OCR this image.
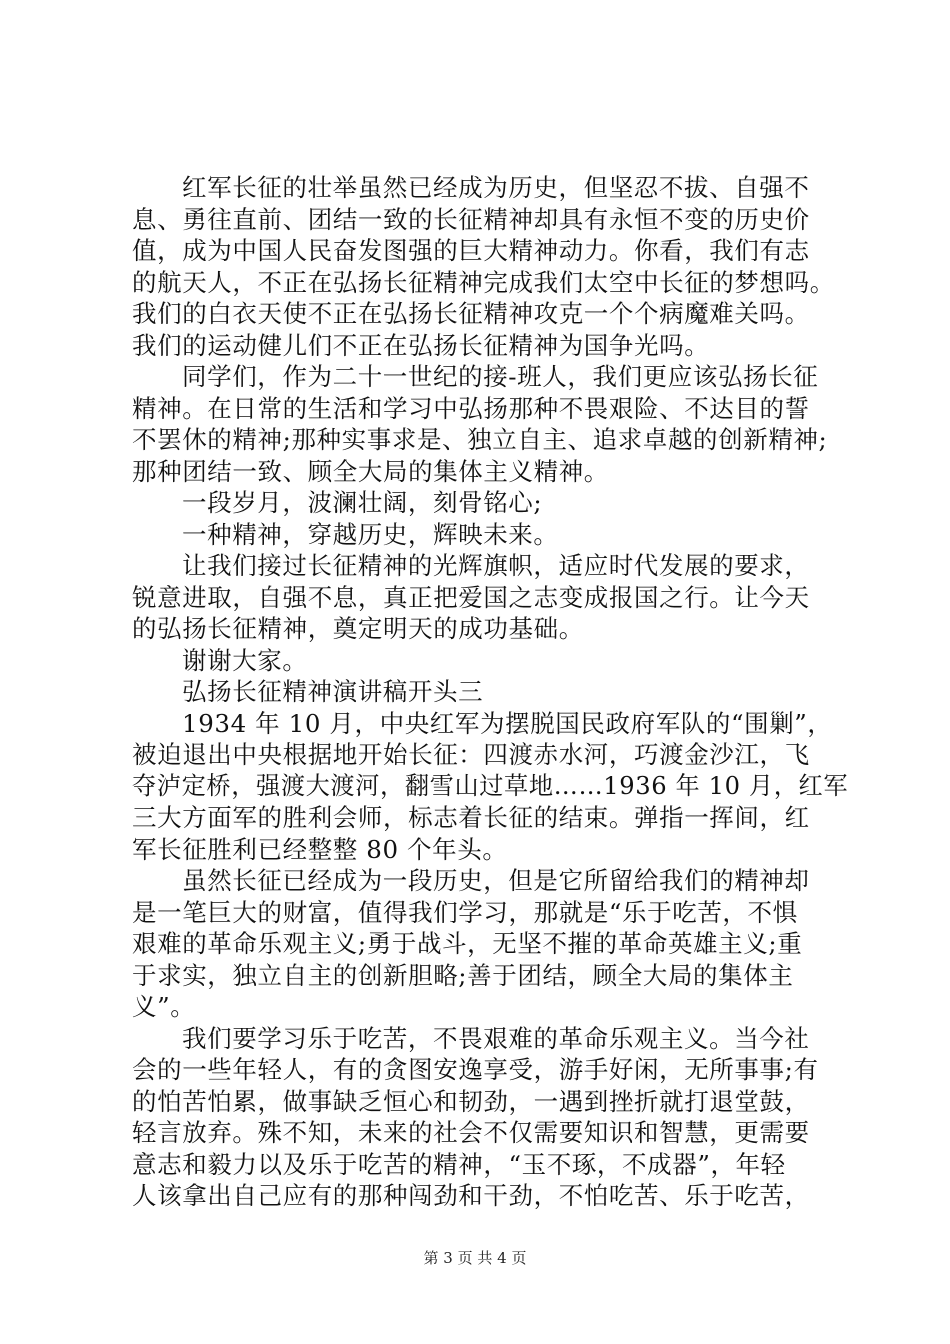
红军长征的壮举虽然已经成为历史，但坚忍不拔、自强不
息、勇往直前、团结一致的长征精神却具有永恒不变的历史价
值，成为中国人民奋发图强的巨大精神动力。你看，我们有志
的航天人，不正在弘扬长征精神完成我们太空中长征的梦想吗。
我们的白衣天使不正在弘扬长征精神攻克一个个病魔难关吗。
我们的运动健儿们不正在弘扬长征精神为国争光吗。
同学们，作为二十一世纪的接-班人，我们更应该弘扬长征
精神。在日常的生活和学习中弘扬那种不畏艰险、不达目的誓
不罢休的精神;那种实事求是、独立自主、追求卓越的创新精神;
那种团结一致、顾全大局的集体主义精神。
一段岁月，波澜壮阔，刻骨铭心;
一种精神，穿越历史，辉映未来。
让我们接过长征精神的光辉旗帜，适应时代发展的要求，
锐意进取，自强不息，真正把爱国之志变成报国之行。让今天
的弘扬长征精神，奠定明天的成功基础。
谢谢大家。
弘扬长征精神演讲稿开头三
1934 年 10 月，中央红军为摆脱国民政府军队的“围剿”，
被迫退出中央根据地开始长征：四渡赤水河，巧渡金沙江，飞
夺泸定桥，强渡大渡河，翻雪山过草地……1936 年 10 月，红军
三大方面军的胜利会师，标志着长征的结束。弹指一挥间，红
军长征胜利已经整整 80 个年头。
虽然长征已经成为一段历史，但是它所留给我们的精神却
是一笔巨大的财富，值得我们学习，那就是“乐于吃苦，不惧
艰难的革命乐观主义;勇于战斗，无坚不摧的革命英雄主义;重
于求实，独立自主的创新胆略;善于团结，顾全大局的集体主
义”。
我们要学习乐于吃苦，不畏艰难的革命乐观主义。当今社
会的一些年轻人，有的贪图安逸享受，游手好闲，无所事事;有
的怕苦怕累，做事缺乏恒心和韧劲，一遇到挫折就打退堂鼓，
轻言放弃。殊不知，未来的社会不仅需要知识和智慧，更需要
意志和毅力以及乐于吃苦的精神，“玉不琢，不成器”，年轻
人该拿出自己应有的那种闯劲和干劲，不怕吃苦、乐于吃苦，
第 3 页 共 4 页
